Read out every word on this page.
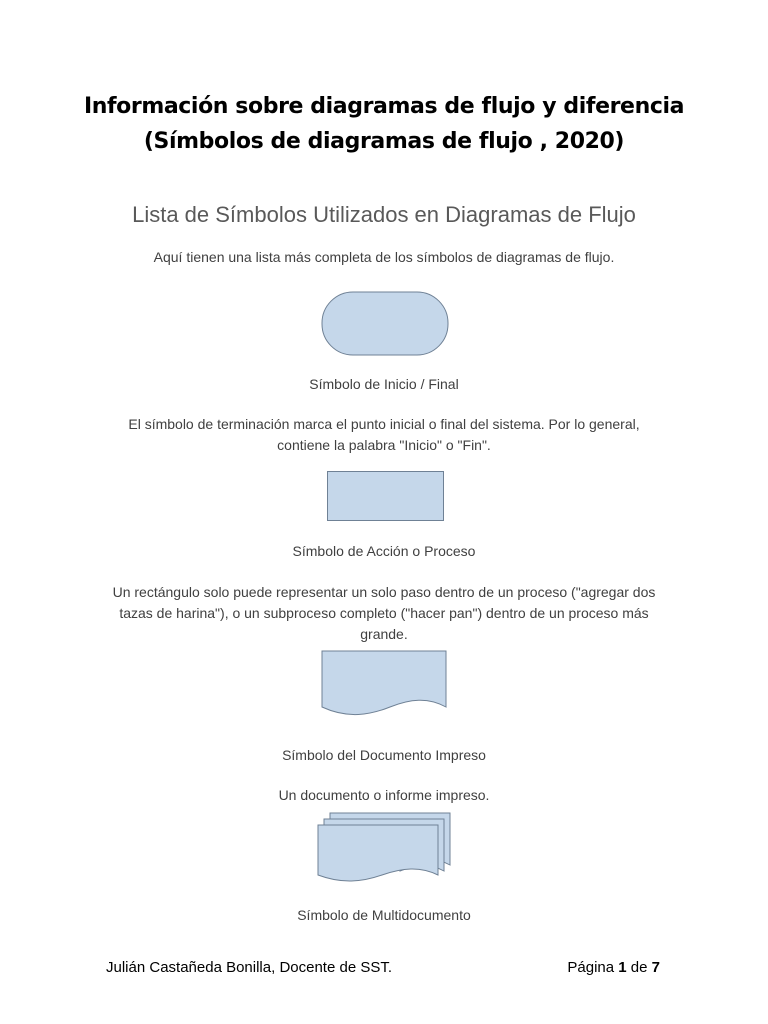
Información sobre diagramas de flujo y diferencia
(Símbolos de diagramas de flujo , 2020)
Lista de Símbolos Utilizados en Diagramas de Flujo
Aquí tienen una lista más completa de los símbolos de diagramas de flujo.
Símbolo de Inicio / Final
El símbolo de terminación marca el punto inicial o final del sistema. Por lo general, contiene la palabra "Inicio" o "Fin".
Símbolo de Acción o Proceso
Un rectángulo solo puede representar un solo paso dentro de un proceso ("agregar dos tazas de harina"), o un subproceso completo ("hacer pan") dentro de un proceso más grande.
Símbolo del Documento Impreso
Un documento o informe impreso.
Símbolo de Multidocumento
Julián Castañeda Bonilla, Docente de SST.	Página 1 de 7
